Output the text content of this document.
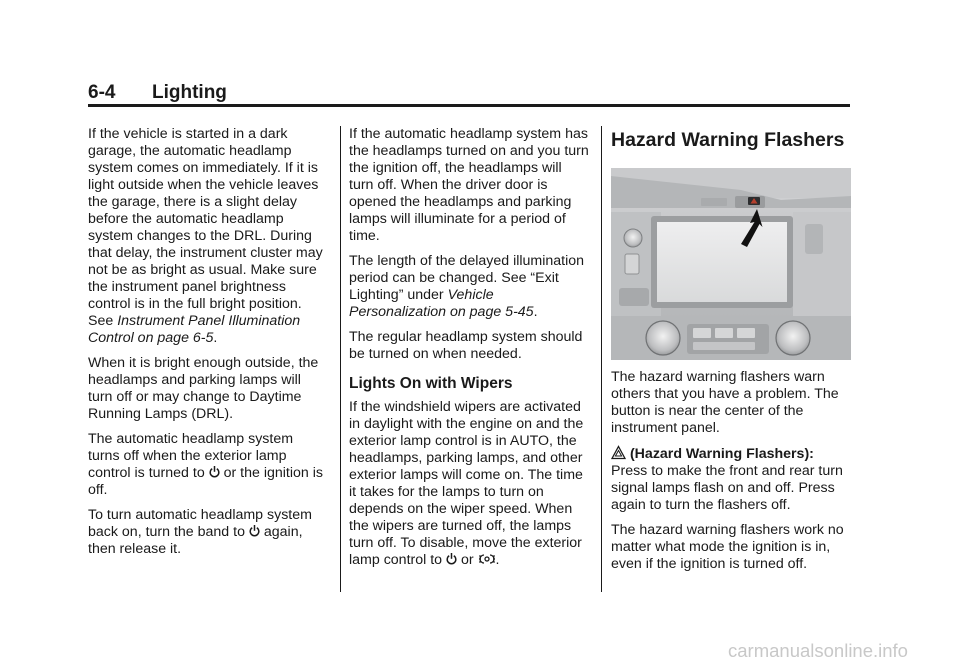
6-4 Lighting

If the vehicle is started in a dark garage, the automatic headlamp system comes on immediately. If it is light outside when the vehicle leaves the garage, there is a slight delay before the automatic headlamp system changes to the DRL. During that delay, the instrument cluster may not be as bright as usual. Make sure the instrument panel brightness control is in the full bright position. See Instrument Panel Illumination Control on page 6-5.

When it is bright enough outside, the headlamps and parking lamps will turn off or may change to Daytime Running Lamps (DRL).

The automatic headlamp system turns off when the exterior lamp control is turned to or the ignition is off.

To turn automatic headlamp system back on, turn the band to again, then release it.

If the automatic headlamp system has the headlamps turned on and you turn the ignition off, the headlamps will turn off. When the driver door is opened the headlamps and parking lamps will illuminate for a period of time.

The length of the delayed illumination period can be changed. See “Exit Lighting” under Vehicle Personalization on page 5-45.

The regular headlamp system should be turned on when needed.

Lights On with Wipers

If the windshield wipers are activated in daylight with the engine on and the exterior lamp control is in AUTO, the headlamps, parking lamps, and other exterior lamps will come on. The time it takes for the lamps to turn on depends on the wiper speed. When the wipers are turned off, the lamps turn off. To disable, move the exterior lamp control to or .

Hazard Warning Flashers

The hazard warning flashers warn others that you have a problem. The button is near the center of the instrument panel.

(Hazard Warning Flashers): Press to make the front and rear turn signal lamps flash on and off. Press again to turn the flashers off.

The hazard warning flashers work no matter what mode the ignition is in, even if the ignition is turned off.

carmanualsonline.info
